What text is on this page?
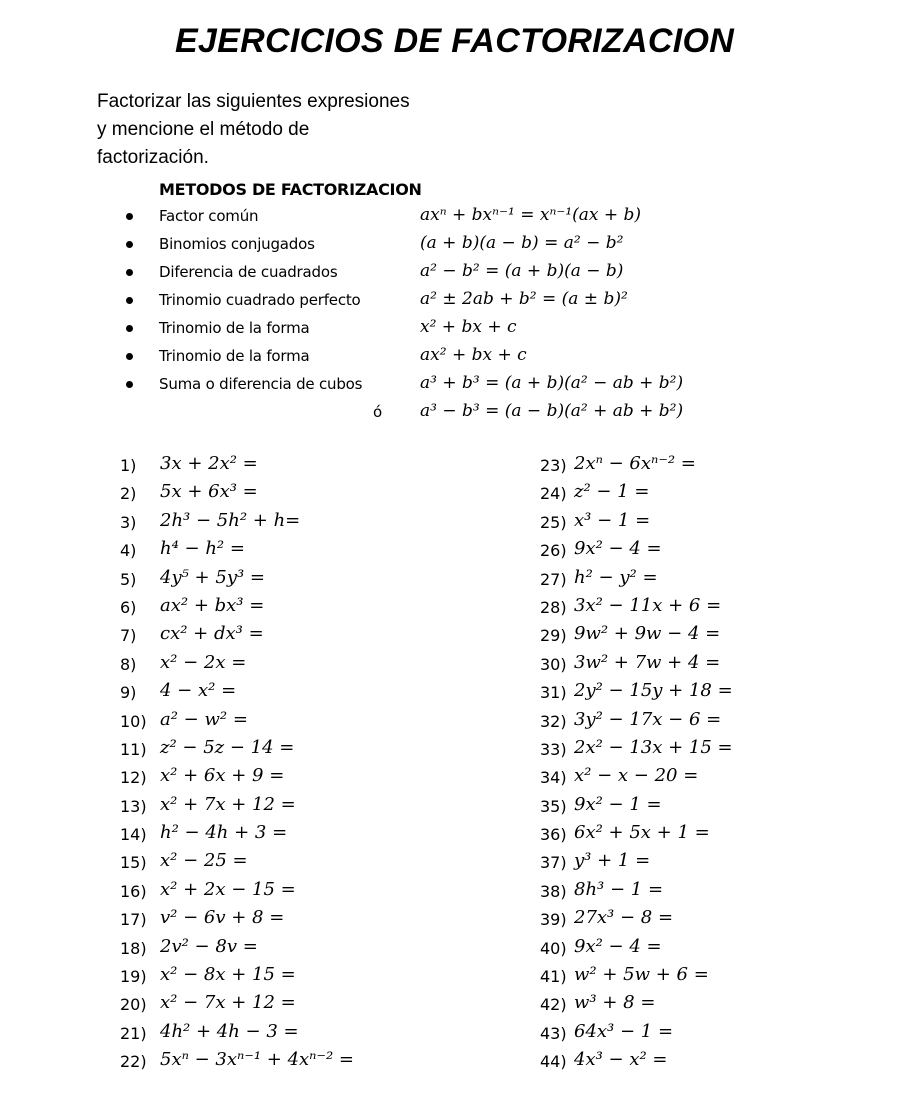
EJERCICIOS DE FACTORIZACION
Factorizar las siguientes expresiones
y mencione el método de
factorización.
METODOS DE FACTORIZACION
Factor común	axⁿ + bxⁿ⁻¹ = xⁿ⁻¹(ax + b)
Binomios conjugados	(a + b)(a − b) = a² − b²
Diferencia de cuadrados	a² − b² = (a + b)(a − b)
Trinomio cuadrado perfecto	a² ± 2ab + b² = (a ± b)²
Trinomio de la forma	x² + bx + c
Trinomio de la forma	ax² + bx + c
Suma o diferencia de cubos	a³ + b³ = (a + b)(a² − ab + b²)
ó a³ − b³ = (a − b)(a² + ab + b²)
1)	3x + 2x² =
2)	5x + 6x³ =
3)	2h³ − 5h² + h=
4)	h⁴ − h² =
5)	4y⁵ + 5y³ =
6)	ax² + bx³ =
7)	cx² + dx³ =
8)	x² − 2x =
9)	4 − x² =
10) a² − w² =
11) z² − 5z − 14 =
12) x² + 6x + 9 =
13) x² + 7x + 12 =
14) h² − 4h + 3 =
15) x² − 25 =
16) x² + 2x − 15 =
17) v² − 6v + 8 =
18) 2v² − 8v =
19) x² − 8x + 15 =
20) x² − 7x + 12 =
21) 4h² + 4h − 3 =
22) 5xⁿ − 3xⁿ⁻¹ + 4xⁿ⁻² =
23) 2xⁿ − 6xⁿ⁻² =
24) z² − 1 =
25) x³ − 1 =
26) 9x² − 4 =
27) h² − y² =
28) 3x² − 11x + 6 =
29) 9w² + 9w − 4 =
30) 3w² + 7w + 4 =
31) 2y² − 15y + 18 =
32) 3y² − 17x − 6 =
33) 2x² − 13x + 15 =
34) x² − x − 20 =
35) 9x² − 1 =
36) 6x² + 5x + 1 =
37) y³ + 1 =
38) 8h³ − 1 =
39) 27x³ − 8 =
40) 9x² − 4 =
41) w² + 5w + 6 =
42) w³ + 8 =
43) 64x³ − 1 =
44) 4x³ − x² =
